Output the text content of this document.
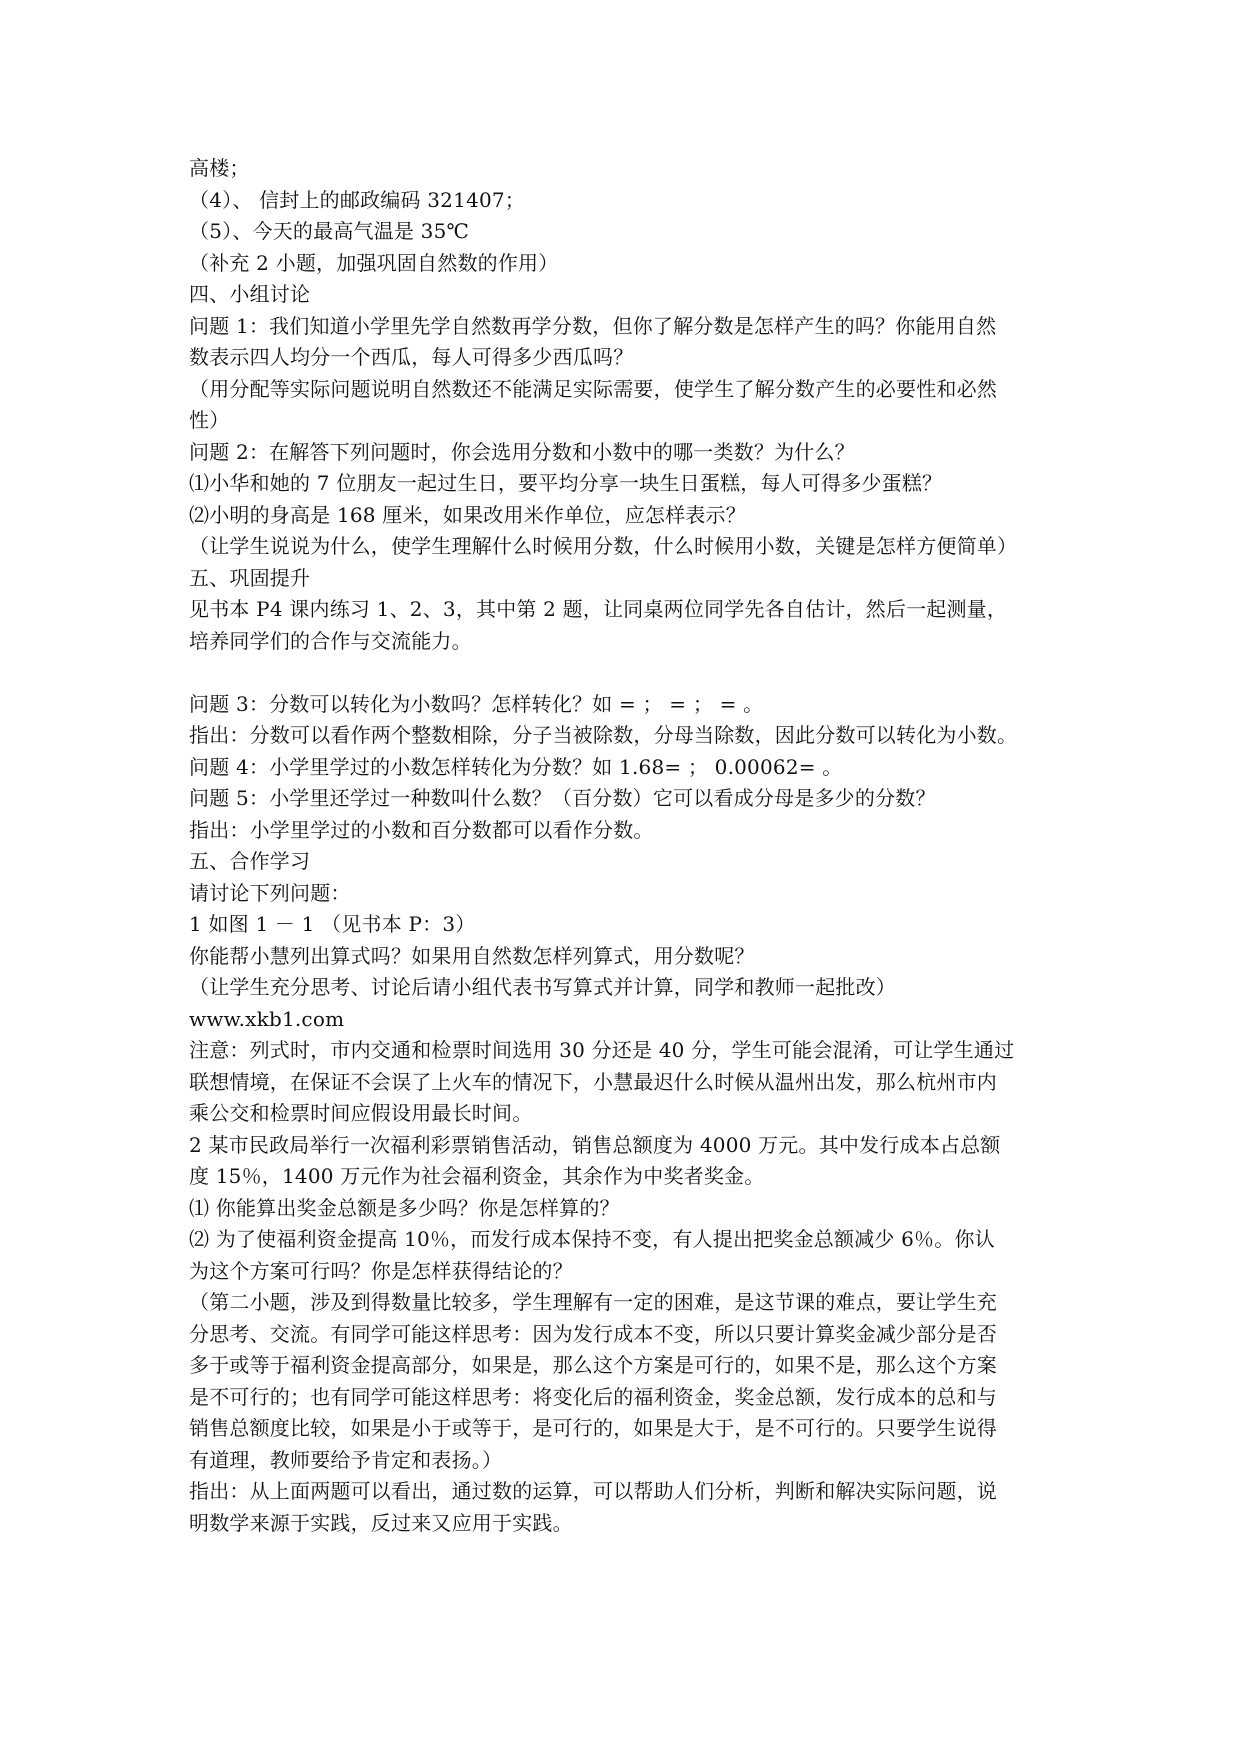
高楼；
（4）、 信封上的邮政编码 321407；
（5）、今天的最高气温是 35℃
（补充 2 小题，加强巩固自然数的作用）
四、小组讨论
问题 1：我们知道小学里先学自然数再学分数，但你了解分数是怎样产生的吗？你能用自然
数表示四人均分一个西瓜，每人可得多少西瓜吗？
（用分配等实际问题说明自然数还不能满足实际需要，使学生了解分数产生的必要性和必然
性）
问题 2：在解答下列问题时，你会选用分数和小数中的哪一类数？为什么？
⑴小华和她的 7 位朋友一起过生日，要平均分享一块生日蛋糕，每人可得多少蛋糕？
⑵小明的身高是 168 厘米，如果改用米作单位，应怎样表示？
（让学生说说为什么，使学生理解什么时候用分数，什么时候用小数，关键是怎样方便简单）
五、巩固提升
见书本 P4 课内练习 1、2、3，其中第 2 题，让同桌两位同学先各自估计，然后一起测量，
培养同学们的合作与交流能力。
问题 3：分数可以转化为小数吗？怎样转化？如 = ； = ； = 。
指出：分数可以看作两个整数相除，分子当被除数，分母当除数，因此分数可以转化为小数。
问题 4：小学里学过的小数怎样转化为分数？如 1.68= ； 0.00062= 。
问题 5：小学里还学过一种数叫什么数？（百分数）它可以看成分母是多少的分数？
指出：小学里学过的小数和百分数都可以看作分数。
五、合作学习
请讨论下列问题：
1 如图 1 － 1 （见书本 P：3）
你能帮小慧列出算式吗？如果用自然数怎样列算式，用分数呢？
（让学生充分思考、讨论后请小组代表书写算式并计算，同学和教师一起批改）
www.xkb1.com
注意：列式时，市内交通和检票时间选用 30 分还是 40 分，学生可能会混淆，可让学生通过
联想情境，在保证不会误了上火车的情况下，小慧最迟什么时候从温州出发，那么杭州市内
乘公交和检票时间应假设用最长时间。
2 某市民政局举行一次福利彩票销售活动，销售总额度为 4000 万元。其中发行成本占总额
度 15％，1400 万元作为社会福利资金，其余作为中奖者奖金。
⑴ 你能算出奖金总额是多少吗？你是怎样算的？
⑵ 为了使福利资金提高 10％，而发行成本保持不变，有人提出把奖金总额减少 6％。你认
为这个方案可行吗？你是怎样获得结论的？
（第二小题，涉及到得数量比较多，学生理解有一定的困难，是这节课的难点，要让学生充
分思考、交流。有同学可能这样思考：因为发行成本不变，所以只要计算奖金减少部分是否
多于或等于福利资金提高部分，如果是，那么这个方案是可行的，如果不是，那么这个方案
是不可行的；也有同学可能这样思考：将变化后的福利资金，奖金总额，发行成本的总和与
销售总额度比较，如果是小于或等于，是可行的，如果是大于，是不可行的。只要学生说得
有道理，教师要给予肯定和表扬。）
指出：从上面两题可以看出，通过数的运算，可以帮助人们分析，判断和解决实际问题，说
明数学来源于实践，反过来又应用于实践。
